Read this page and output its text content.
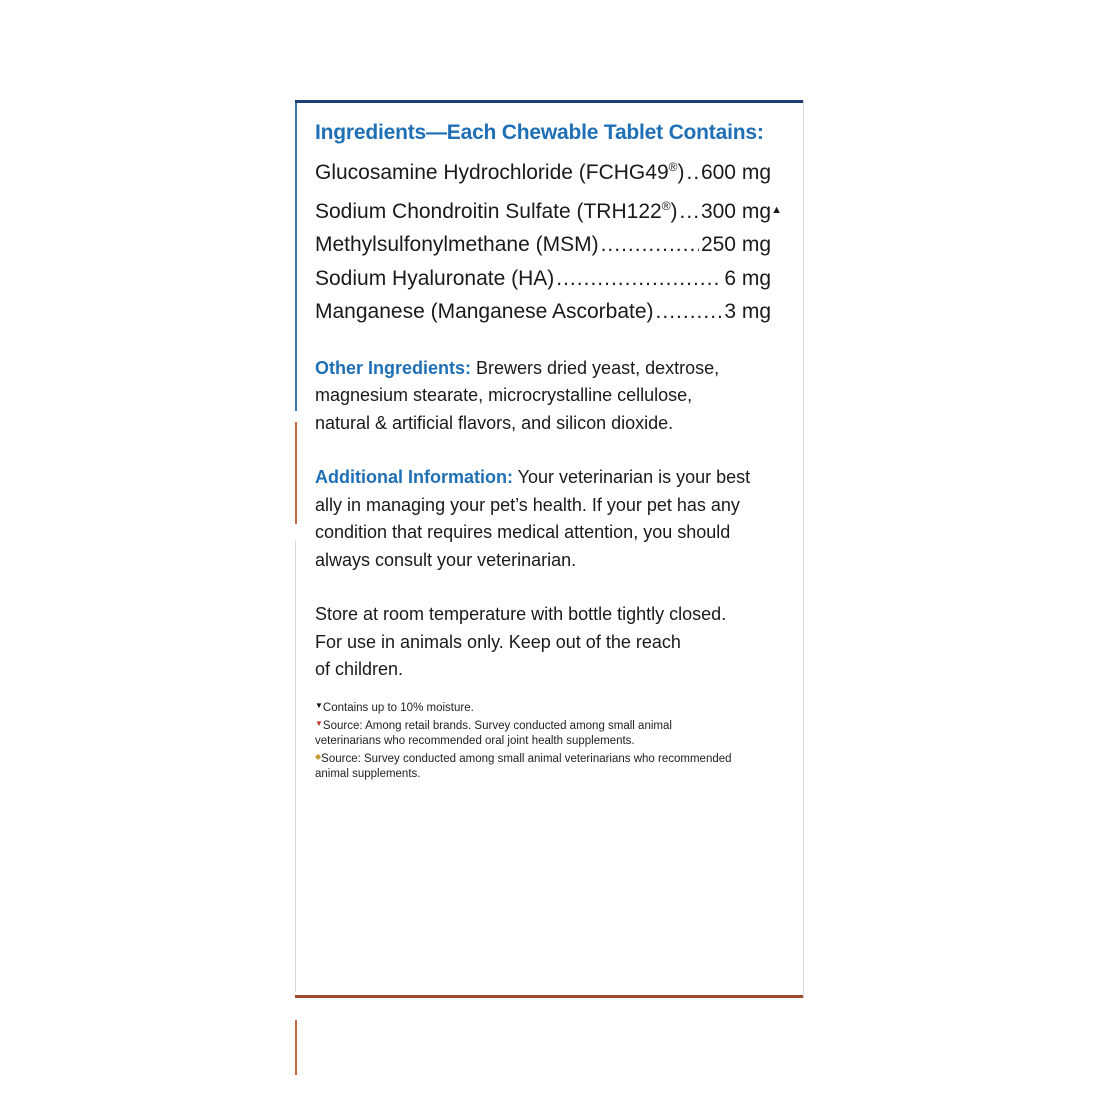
Ingredients—Each Chewable Tablet Contains:
Glucosamine Hydrochloride (FCHG49®) ..... 600 mg
Sodium Chondroitin Sulfate (TRH122®) ..... 300 mg ▲
Methylsulfonylmethane (MSM) .....	250 mg
Sodium Hyaluronate (HA) .....	6 mg
Manganese (Manganese Ascorbate) .....	3 mg

Other Ingredients: Brewers dried yeast, dextrose, magnesium stearate, microcrystalline cellulose, natural & artificial flavors, and silicon dioxide.

Additional Information: Your veterinarian is your best ally in managing your pet’s health. If your pet has any condition that requires medical attention, you should always consult your veterinarian.

Store at room temperature with bottle tightly closed.
For use in animals only. Keep out of the reach
of children.

▼Contains up to 10% moisture.
▼Source: Among retail brands. Survey conducted among small animal veterinarians who recommended oral joint health supplements.
◆Source: Survey conducted among small animal veterinarians who recommended animal supplements.
